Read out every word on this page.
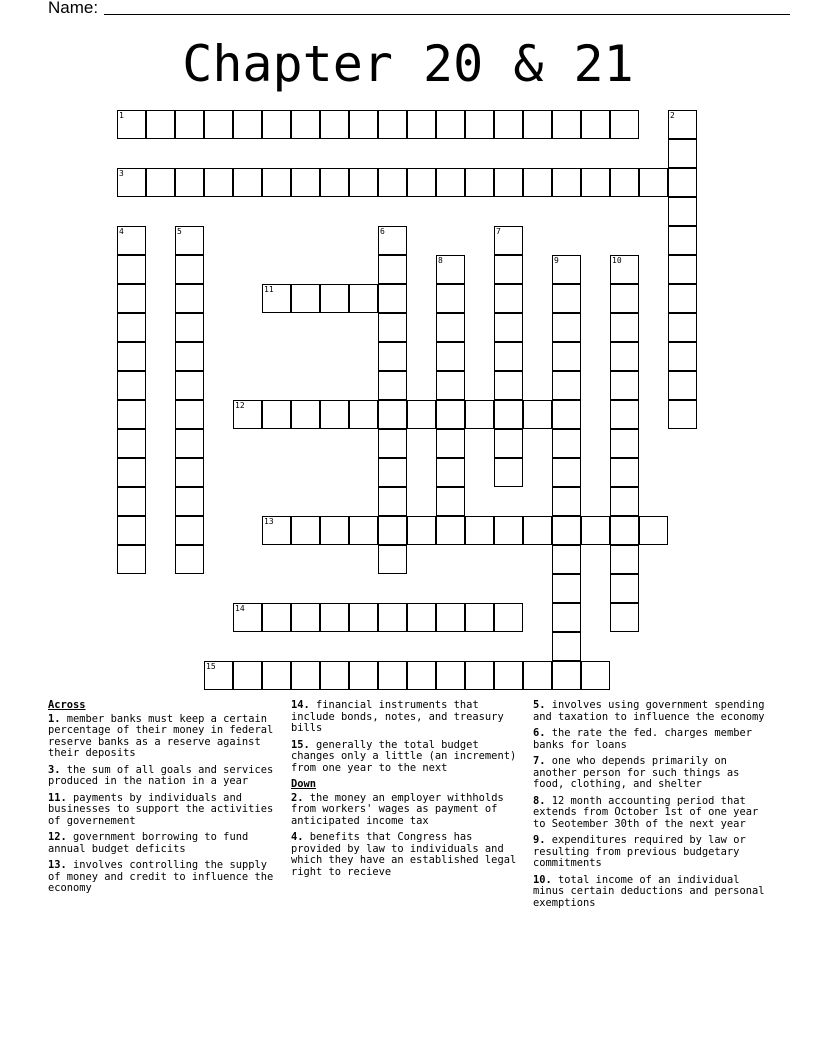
Name:
Chapter 20 & 21
1	2
3
4	5	6	7
8	9	10
11
12
13
14
15
Across
1. member banks must keep a certain percentage of their money in federal reserve banks as a reserve against their deposits
3. the sum of all goals and services produced in the nation in a year
11. payments by individuals and businesses to support the activities of governement
12. government borrowing to fund annual budget deficits
13. involves controlling the supply of money and credit to influence the economy
14. financial instruments that include bonds, notes, and treasury bills
15. generally the total budget changes only a little (an increment) from one year to the next
Down
2. the money an employer withholds from workers' wages as payment of anticipated income tax
4. benefits that Congress has provided by law to individuals and which they have an established legal right to recieve
5. involves using government spending and taxation to influence the economy
6. the rate the fed. charges member banks for loans
7. one who depends primarily on another person for such things as food, clothing, and shelter
8. 12 month accounting period that extends from October 1st of one year to Seotember 30th of the next year
9. expenditures required by law or resulting from previous budgetary commitments
10. total income of an individual minus certain deductions and personal exemptions
